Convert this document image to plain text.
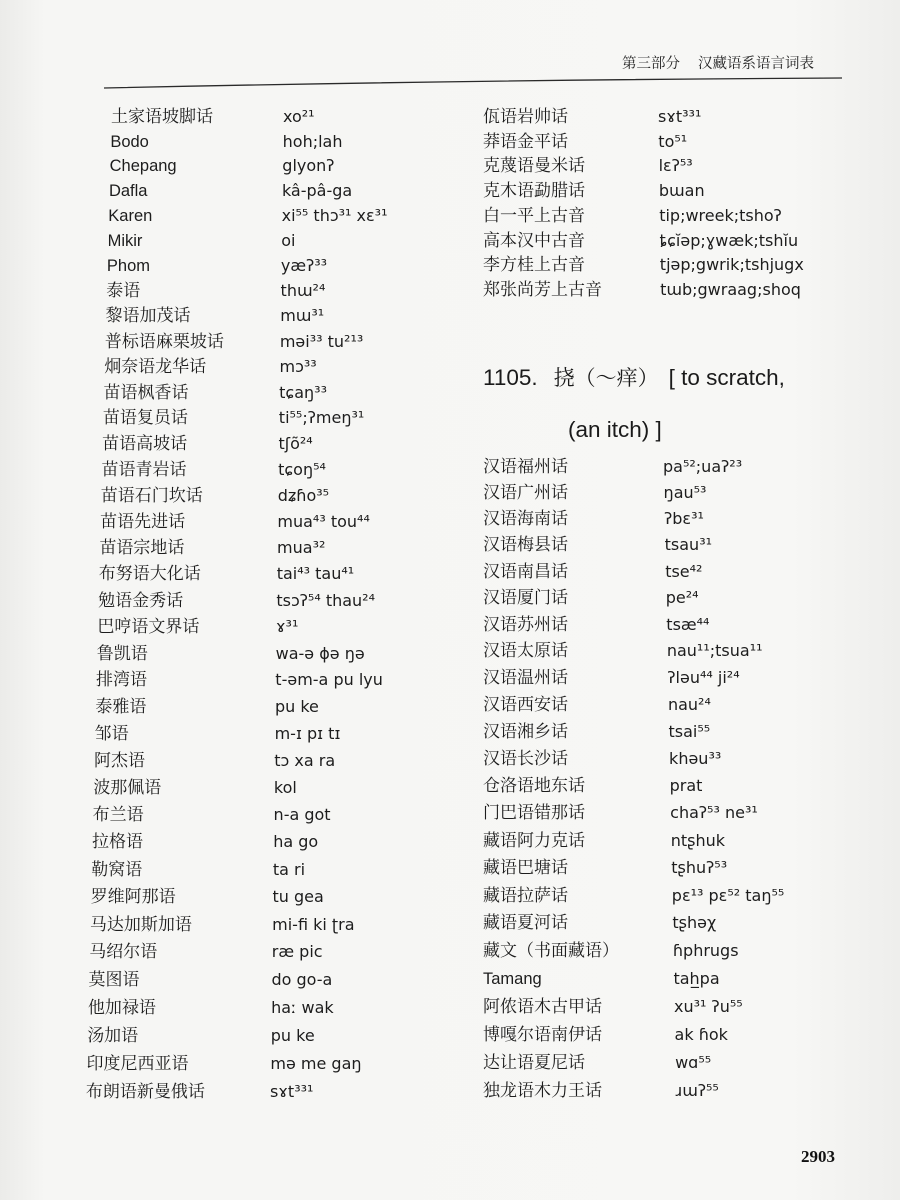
第三部分 汉藏语系语言词表
土家语坡脚话	xo²¹
Bodo	hoh;lah
Chepang	glyonʔ
Dafla	kâ-pâ-ga
Karen	xi⁵⁵ thɔ³¹ xɛ³¹
Mikir	oi
Phom	yæʔ³³
泰语	thɯ²⁴
黎语加茂话	mɯ³¹
普标语麻栗坡话	məi³³ tu²¹³
炯奈语龙华话	mɔ³³
苗语枫香话	tɕaŋ³³
苗语复员话	ti⁵⁵;ʔmeŋ³¹
苗语高坡话	tʃõ²⁴
苗语青岩话	tɕoŋ⁵⁴
苗语石门坎话	dʑɦo³⁵
苗语先进话	mua⁴³ tou⁴⁴
苗语宗地话	mua³²
布努语大化话	tai⁴³ tau⁴¹
勉语金秀话	tsɔʔ⁵⁴ thau²⁴
巴哼语文界话	ɤ³¹
鲁凯语	wa-ə ɸə ŋə
排湾语	t-əm-a pu lyu
泰雅语	pu ke
邹语	m-ɪ pɪ tɪ
阿杰语	tɔ xa ra
波那佩语	kol
布兰语	n-a got
拉格语	ha go
勒窝语	ta ri
罗维阿那语	tu gea
马达加斯加语	mi-fi ki ʈra
马绍尔语	ræ pic
莫图语	do go-a
他加禄语	haː wak
汤加语	pu ke
印度尼西亚语	mə me gaŋ
布朗语新曼俄话	sɤt³³¹
佤语岩帅话	sɤt³³¹
莽语金平话	to⁵¹
克蔑语曼米话	lɛʔ⁵³
克木语勐腊话	bɯan
白一平上古音	tip;wreek;tshoʔ
高本汉中古音	ȶɕĭəp;ɣwæk;tshĭu
李方桂上古音	tjəp;gwrik;tshjugx
郑张尚芳上古音	tɯb;gwraag;shoq
1105. 挠（～痒） [ to scratch,
(an itch) ]
汉语福州话	pa⁵²;uaʔ²³
汉语广州话	ŋau⁵³
汉语海南话	ʔbɛ³¹
汉语梅县话	tsau³¹
汉语南昌话	tse⁴²
汉语厦门话	pe²⁴
汉语苏州话	tsæ⁴⁴
汉语太原话	nau¹¹;tsua¹¹
汉语温州话	ʔləu⁴⁴ ji²⁴
汉语西安话	nau²⁴
汉语湘乡话	tsai⁵⁵
汉语长沙话	khəu³³
仓洛语地东话	prat
门巴语错那话	chaʔ⁵³ ne³¹
藏语阿力克话	ntʂhuk
藏语巴塘话	tʂhuʔ⁵³
藏语拉萨话	pɛ¹³ pɛ⁵² taŋ⁵⁵
藏语夏河话	tʂhəχ
藏文（书面藏语）	ɦphrugs
Tamang	tah̲pa
阿侬语木古甲话	xu³¹ ʔu⁵⁵
博嘎尔语南伊话	ak ɦok
达让语夏尼话	wɑ⁵⁵
独龙语木力王话	ɹɯʔ⁵⁵
2903
